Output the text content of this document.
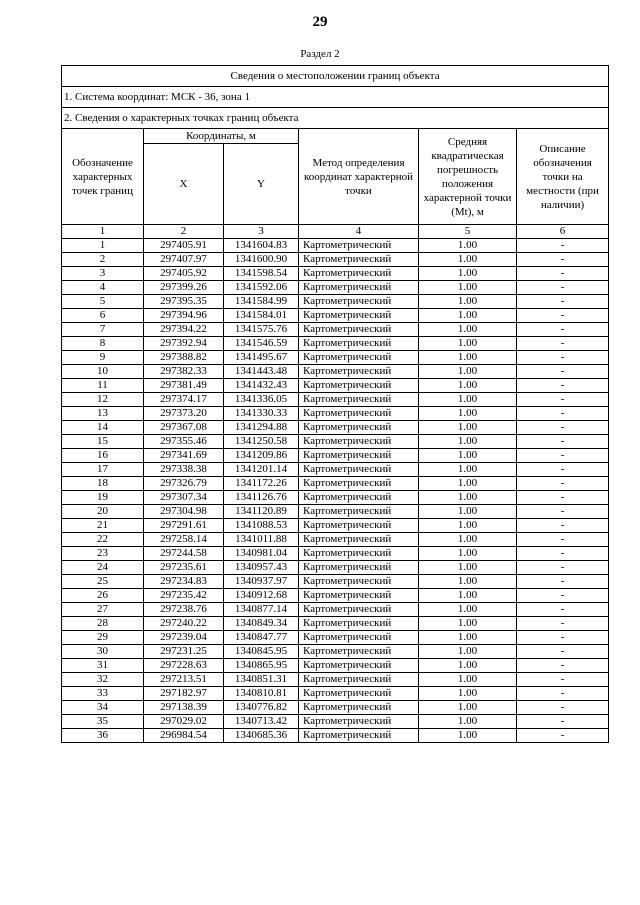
29
Раздел 2
Сведения о местоположении границ объекта					
1. Система координат: МСК - 36, зона 1					
2. Сведения о характерных точках границ объекта					
Обозначение характерных точек границ	Координаты, м		Метод определения координат характерной точки	Средняя квадратическая погрешность положения характерной точки (Mt), м	Описание обозначения точки на местности (при наличии)
	X	Y			
1	2	3	4	5	6
1	297405.91	1341604.83	Картометрический	1.00	-
2	297407.97	1341600.90	Картометрический	1.00	-
3	297405.92	1341598.54	Картометрический	1.00	-
4	297399.26	1341592.06	Картометрический	1.00	-
5	297395.35	1341584.99	Картометрический	1.00	-
6	297394.96	1341584.01	Картометрический	1.00	-
7	297394.22	1341575.76	Картометрический	1.00	-
8	297392.94	1341546.59	Картометрический	1.00	-
9	297388.82	1341495.67	Картометрический	1.00	-
10	297382.33	1341443.48	Картометрический	1.00	-
11	297381.49	1341432.43	Картометрический	1.00	-
12	297374.17	1341336.05	Картометрический	1.00	-
13	297373.20	1341330.33	Картометрический	1.00	-
14	297367.08	1341294.88	Картометрический	1.00	-
15	297355.46	1341250.58	Картометрический	1.00	-
16	297341.69	1341209.86	Картометрический	1.00	-
17	297338.38	1341201.14	Картометрический	1.00	-
18	297326.79	1341172.26	Картометрический	1.00	-
19	297307.34	1341126.76	Картометрический	1.00	-
20	297304.98	1341120.89	Картометрический	1.00	-
21	297291.61	1341088.53	Картометрический	1.00	-
22	297258.14	1341011.88	Картометрический	1.00	-
23	297244.58	1340981.04	Картометрический	1.00	-
24	297235.61	1340957.43	Картометрический	1.00	-
25	297234.83	1340937.97	Картометрический	1.00	-
26	297235.42	1340912.68	Картометрический	1.00	-
27	297238.76	1340877.14	Картометрический	1.00	-
28	297240.22	1340849.34	Картометрический	1.00	-
29	297239.04	1340847.77	Картометрический	1.00	-
30	297231.25	1340845.95	Картометрический	1.00	-
31	297228.63	1340865.95	Картометрический	1.00	-
32	297213.51	1340851.31	Картометрический	1.00	-
33	297182.97	1340810.81	Картометрический	1.00	-
34	297138.39	1340776.82	Картометрический	1.00	-
35	297029.02	1340713.42	Картометрический	1.00	-
36	296984.54	1340685.36	Картометрический	1.00	-
